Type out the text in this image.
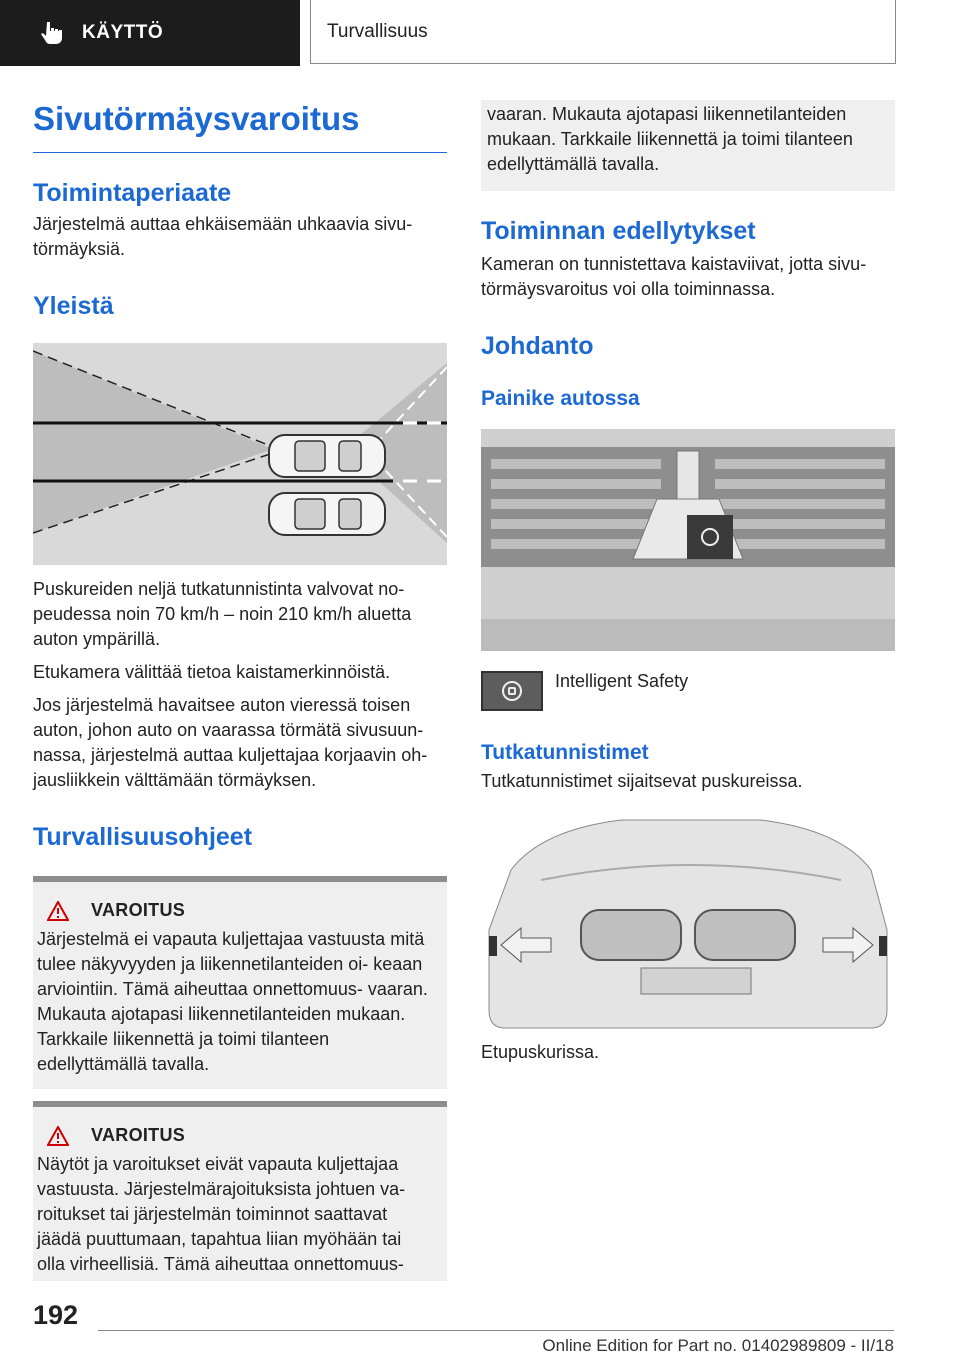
KÄYTTÖ	Turvallisuus
Sivutörmäysvaroitus
Toimintaperiaate

Järjestelmä auttaa ehkäisemään uhkaavia sivu- törmäyksiä.

Yleistä

Puskureiden neljä tutkatunnistinta valvovat no- peudessa noin 70 km/h – noin 210 km/h aluetta auton ympärillä.

Etukamera välittää tietoa kaistamerkinnöistä.

Jos järjestelmä havaitsee auton vieressä toisen auton, johon auto on vaarassa törmätä sivusuun- nassa, järjestelmä auttaa kuljettajaa korjaavin oh- jausliikkein välttämään törmäyksen.

Turvallisuusohjeet
VAROITUS

Järjestelmä ei vapauta kuljettajaa vastuusta mitä tulee näkyvyyden ja liikennetilanteiden oi- keaan arviointiin. Tämä aiheuttaa onnettomuus- vaaran. Mukauta ajotapasi liikennetilanteiden mukaan. Tarkkaile liikennettä ja toimi tilanteen edellyttämällä tavalla.

VAROITUS

Näytöt ja varoitukset eivät vapauta kuljettajaa vastuusta. Järjestelmärajoituksista johtuen va- roitukset tai järjestelmän toiminnot saattavat jäädä puuttumaan, tapahtua liian myöhään tai olla virheellisiä. Tämä aiheuttaa onnettomuus-

vaaran. Mukauta ajotapasi liikennetilanteiden mukaan. Tarkkaile liikennettä ja toimi tilanteen edellyttämällä tavalla.

Toiminnan edellytykset

Kameran on tunnistettava kaistaviivat, jotta sivu- törmäysvaroitus voi olla toiminnassa.

Johdanto
Painike autossa

Intelligent Safety

Tutkatunnistimet

Tutkatunnistimet sijaitsevat puskureissa.

Etupuskurissa.

192
Online Edition for Part no. 01402989809 - II/18
